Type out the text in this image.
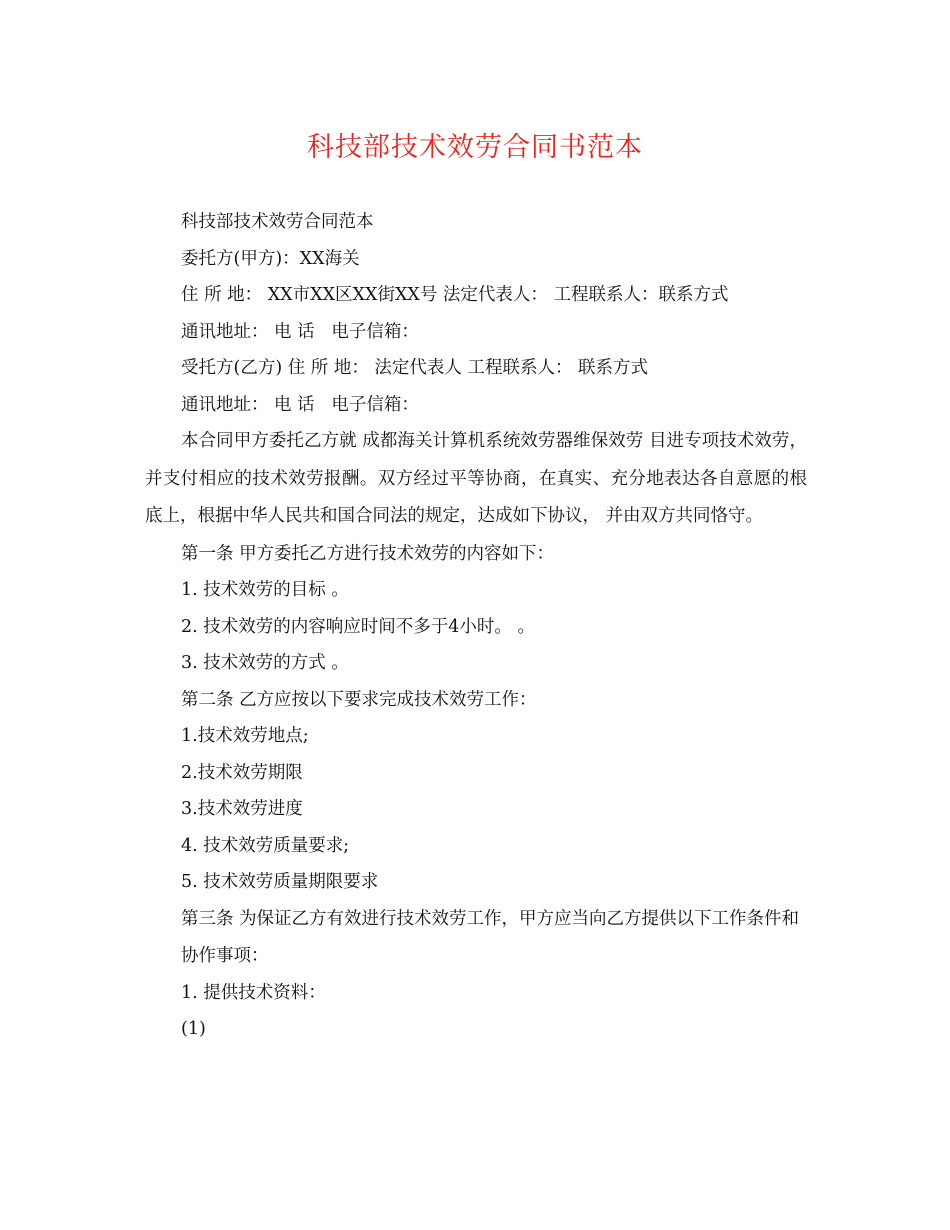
科技部技术效劳合同书范本

科技部技术效劳合同范本

委托方(甲方)：XX海关

住 所 地： XX市XX区XX街XX号 法定代表人： 工程联系人：联系方式

通讯地址： 电 话   电子信箱：

受托方(乙方) 住 所 地： 法定代表人 工程联系人： 联系方式

通讯地址： 电 话   电子信箱：

本合同甲方委托乙方就 成都海关计算机系统效劳器维保效劳 目进专项技术效劳，并支付相应的技术效劳报酬。双方经过平等协商，在真实、充分地表达各自意愿的根底上，根据中华人民共和国合同法的规定，达成如下协议， 并由双方共同恪守。

第一条 甲方委托乙方进行技术效劳的内容如下：

1. 技术效劳的目标 。

2. 技术效劳的内容响应时间不多于4小时。 。

3. 技术效劳的方式 。

第二条 乙方应按以下要求完成技术效劳工作：

1.技术效劳地点;

2.技术效劳期限

3.技术效劳进度

4. 技术效劳质量要求;

5. 技术效劳质量期限要求

第三条 为保证乙方有效进行技术效劳工作，甲方应当向乙方提供以下工作条件和

协作事项：

1. 提供技术资料：

(1)
